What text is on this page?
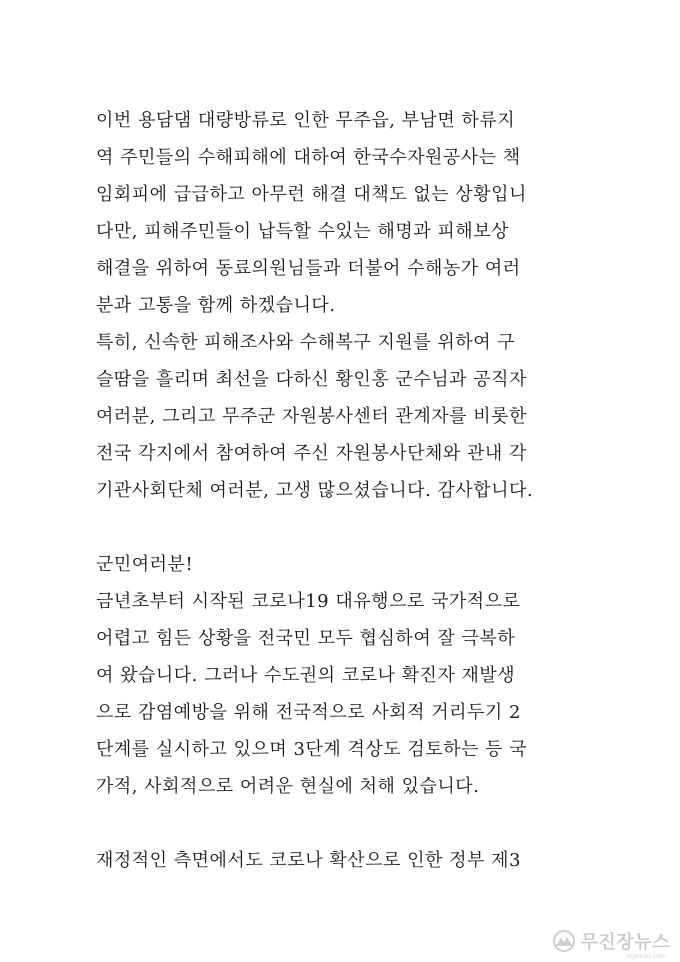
이번 용담댐 대량방류로 인한 무주읍, 부남면 하류지
역 주민들의 수해피해에 대하여 한국수자원공사는 책
임회피에 급급하고 아무런 해결 대책도 없는 상황입니
다만, 피해주민들이 납득할 수있는 해명과 피해보상
해결을 위하여 동료의원님들과 더불어 수해농가 여러
분과 고통을 함께 하겠습니다.
특히, 신속한 피해조사와 수해복구 지원를 위하여 구
슬땀을 흘리며 최선을 다하신 황인홍 군수님과 공직자
여러분, 그리고 무주군 자원봉사센터 관계자를 비롯한
전국 각지에서 참여하여 주신 자원봉사단체와 관내 각
기관사회단체 여러분, 고생 많으셨습니다. 감사합니다.
군민여러분!
금년초부터 시작된 코로나19 대유행으로 국가적으로
어렵고 힘든 상황을 전국민 모두 협심하여 잘 극복하
여 왔습니다. 그러나 수도권의 코로나 확진자 재발생
으로 감염예방을 위해 전국적으로 사회적 거리두기 2
단계를 실시하고 있으며 3단계 격상도 검토하는 등 국
가적, 사회적으로 어려운 현실에 처해 있습니다.
재정적인 측면에서도 코로나 확산으로 인한 정부 제3
무진장뉴스
mjjnews.com
